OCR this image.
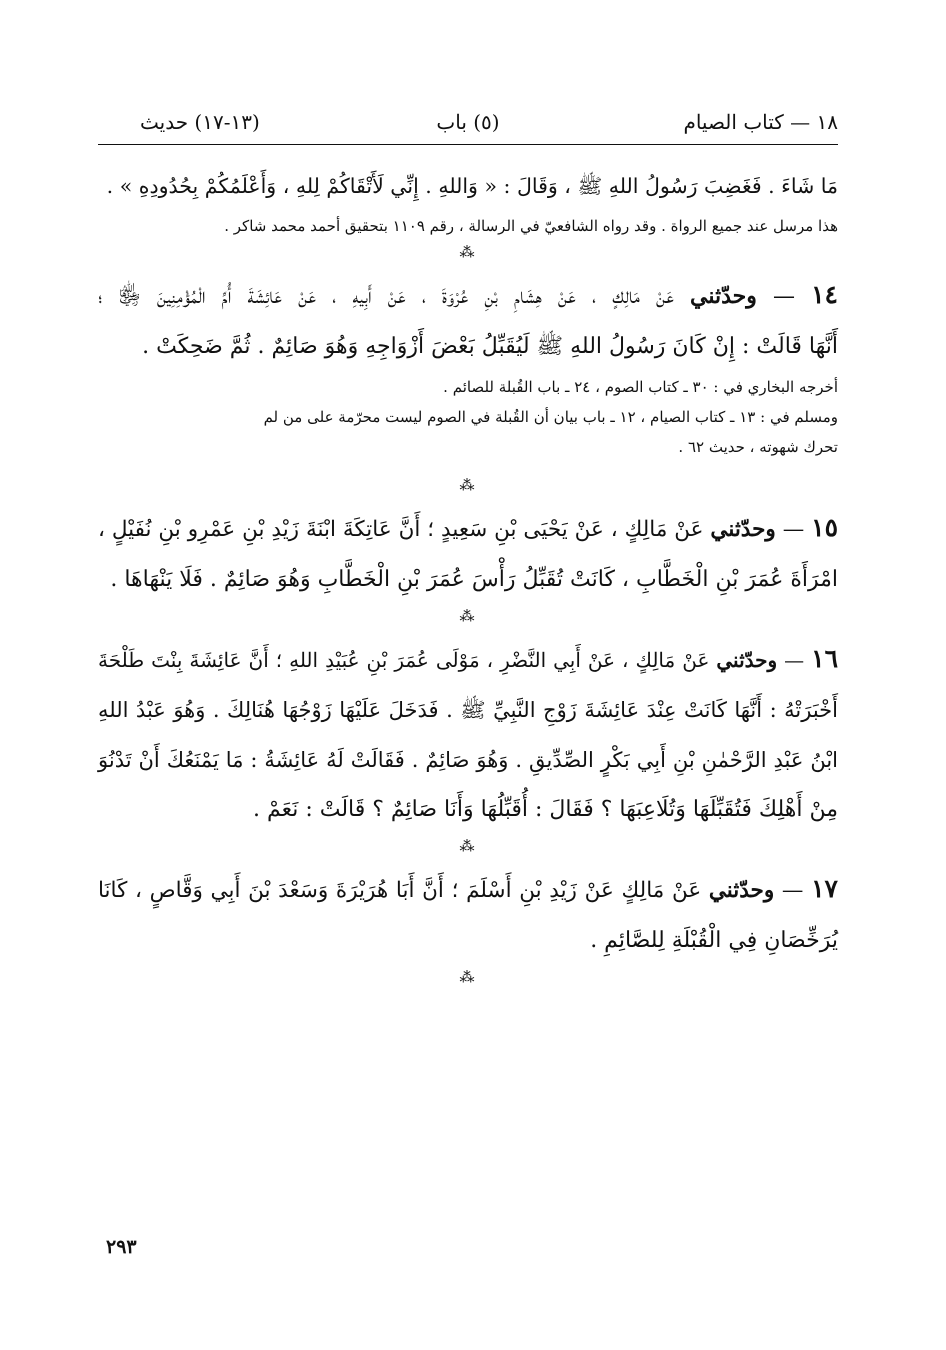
١٨ — كتاب الصيام
(٥) باب
(١٣-١٧) حديث
مَا شَاءَ . فَغَضِبَ رَسُولُ اللهِ ﷺ ، وَقَالَ : « وَاللهِ . إِنِّي لَأَتْقَاكُمْ لِلهِ ، وَأَعْلَمُكُمْ بِحُدُودِهِ » .
هذا مرسل عند جميع الرواة . وقد رواه الشافعيّ في الرسالة ، رقم ١١٠٩ بتحقيق أحمد محمد شاكر .
⁂
١٤ — وحدّثني عَنْ مَالِكٍ ، عَنْ هِشَامِ بْنِ عُرْوَةَ ، عَنْ أَبِيهِ ، عَنْ عَائِشَةَ أُمِّ الْمُؤْمِنِينَ ﵂ ؛
أَنَّهَا قَالَتْ : إِنْ كَانَ رَسُولُ اللهِ ﷺ لَيُقَبِّلُ بَعْضَ أَزْوَاجِهِ وَهُوَ صَائِمٌ . ثُمَّ ضَحِكَتْ .
أخرجه البخاري في : ٣٠ ـ كتاب الصوم ، ٢٤ ـ باب القُبلة للصائم .
ومسلم في : ١٣ ـ كتاب الصيام ، ١٢ ـ باب بيان أن القُبلة في الصوم ليست محرّمة على من لم
تحرك شهوته ، حديث ٦٢ .
⁂
١٥ — وحدّثني عَنْ مَالِكٍ ، عَنْ يَحْيَى بْنِ سَعِيدٍ ؛ أَنَّ عَاتِكَةَ ابْنَةَ زَيْدِ بْنِ عَمْرِو بْنِ نُفَيْلٍ ،
امْرَأَةَ عُمَرَ بْنِ الْخَطَّابِ ، كَانَتْ تُقَبِّلُ رَأْسَ عُمَرَ بْنِ الْخَطَّابِ وَهُوَ صَائِمٌ . فَلَا يَنْهَاهَا .
⁂
١٦ — وحدّثني عَنْ مَالِكٍ ، عَنْ أَبِي النَّضْرِ ، مَوْلَى عُمَرَ بْنِ عُبَيْدِ اللهِ ؛ أَنَّ عَائِشَةَ بِنْتَ طَلْحَةَ
أَخْبَرَتْهُ : أَنَّهَا كَانَتْ عِنْدَ عَائِشَةَ زَوْجِ النَّبِيِّ ﷺ . فَدَخَلَ عَلَيْهَا زَوْجُهَا هُنَالِكَ . وَهُوَ عَبْدُ اللهِ
ابْنُ عَبْدِ الرَّحْمٰنِ بْنِ أَبِي بَكْرٍ الصِّدِّيقِ . وَهُوَ صَائِمٌ . فَقَالَتْ لَهُ عَائِشَةُ : مَا يَمْنَعُكَ أَنْ تَدْنُوَ
مِنْ أَهْلِكَ فَتُقَبِّلَهَا وَتُلَاعِبَهَا ؟ فَقَالَ : أُقَبِّلُهَا وَأَنَا صَائِمٌ ؟ قَالَتْ : نَعَمْ .
⁂
١٧ — وحدّثني عَنْ مَالِكٍ عَنْ زَيْدِ بْنِ أَسْلَمَ ؛ أَنَّ أَبَا هُرَيْرَةَ وَسَعْدَ بْنَ أَبِي وَقَّاصٍ ، كَانَا
يُرَخِّصَانِ فِي الْقُبْلَةِ لِلصَّائِمِ .
⁂
٢٩٣
